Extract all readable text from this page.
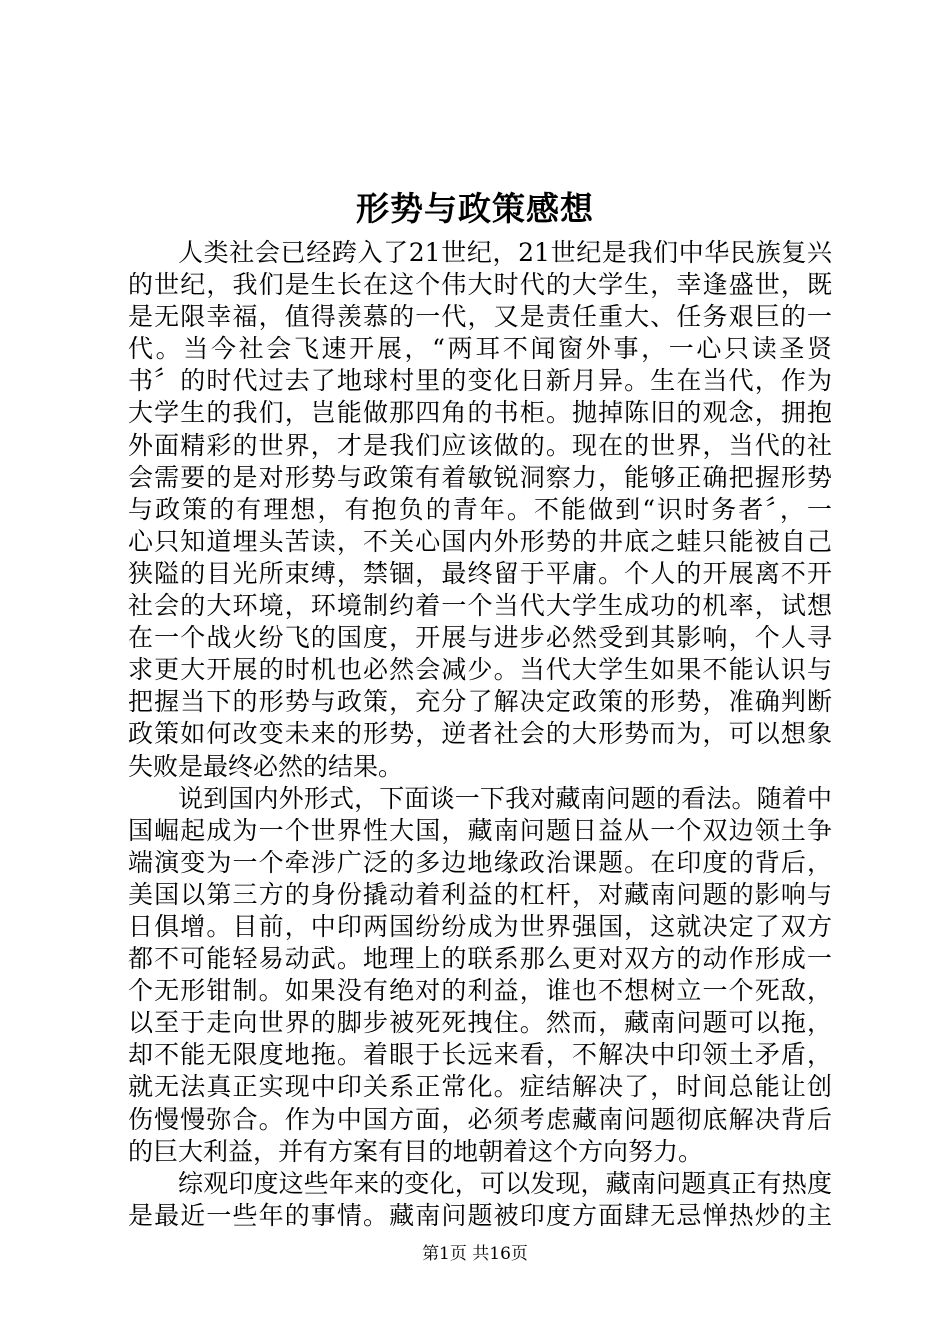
形势与政策感想
人类社会已经跨入了21世纪，21世纪是我们中华民族复兴
的世纪，我们是生长在这个伟大时代的大学生，幸逢盛世，既
是无限幸福，值得羡慕的一代，又是责任重大、任务艰巨的一
代。当今社会飞速开展，“两耳不闻窗外事，一心只读圣贤
书〞的时代过去了地球村里的变化日新月异。生在当代，作为
大学生的我们，岂能做那四角的书柜。抛掉陈旧的观念，拥抱
外面精彩的世界，才是我们应该做的。现在的世界，当代的社
会需要的是对形势与政策有着敏锐洞察力，能够正确把握形势
与政策的有理想，有抱负的青年。不能做到“识时务者〞，一
心只知道埋头苦读，不关心国内外形势的井底之蛙只能被自己
狭隘的目光所束缚，禁锢，最终留于平庸。个人的开展离不开
社会的大环境，环境制约着一个当代大学生成功的机率，试想
在一个战火纷飞的国度，开展与进步必然受到其影响，个人寻
求更大开展的时机也必然会减少。当代大学生如果不能认识与
把握当下的形势与政策，充分了解决定政策的形势，准确判断
政策如何改变未来的形势，逆者社会的大形势而为，可以想象
失败是最终必然的结果。
说到国内外形式，下面谈一下我对藏南问题的看法。随着中
国崛起成为一个世界性大国，藏南问题日益从一个双边领土争
端演变为一个牵涉广泛的多边地缘政治课题。在印度的背后，
美国以第三方的身份撬动着利益的杠杆，对藏南问题的影响与
日俱增。目前，中印两国纷纷成为世界强国，这就决定了双方
都不可能轻易动武。地理上的联系那么更对双方的动作形成一
个无形钳制。如果没有绝对的利益，谁也不想树立一个死敌，
以至于走向世界的脚步被死死拽住。然而，藏南问题可以拖，
却不能无限度地拖。着眼于长远来看，不解决中印领土矛盾，
就无法真正实现中印关系正常化。症结解决了，时间总能让创
伤慢慢弥合。作为中国方面，必须考虑藏南问题彻底解决背后
的巨大利益，并有方案有目的地朝着这个方向努力。
综观印度这些年来的变化，可以发现，藏南问题真正有热度
是最近一些年的事情。藏南问题被印度方面肆无忌惮热炒的主
第1页 共16页
